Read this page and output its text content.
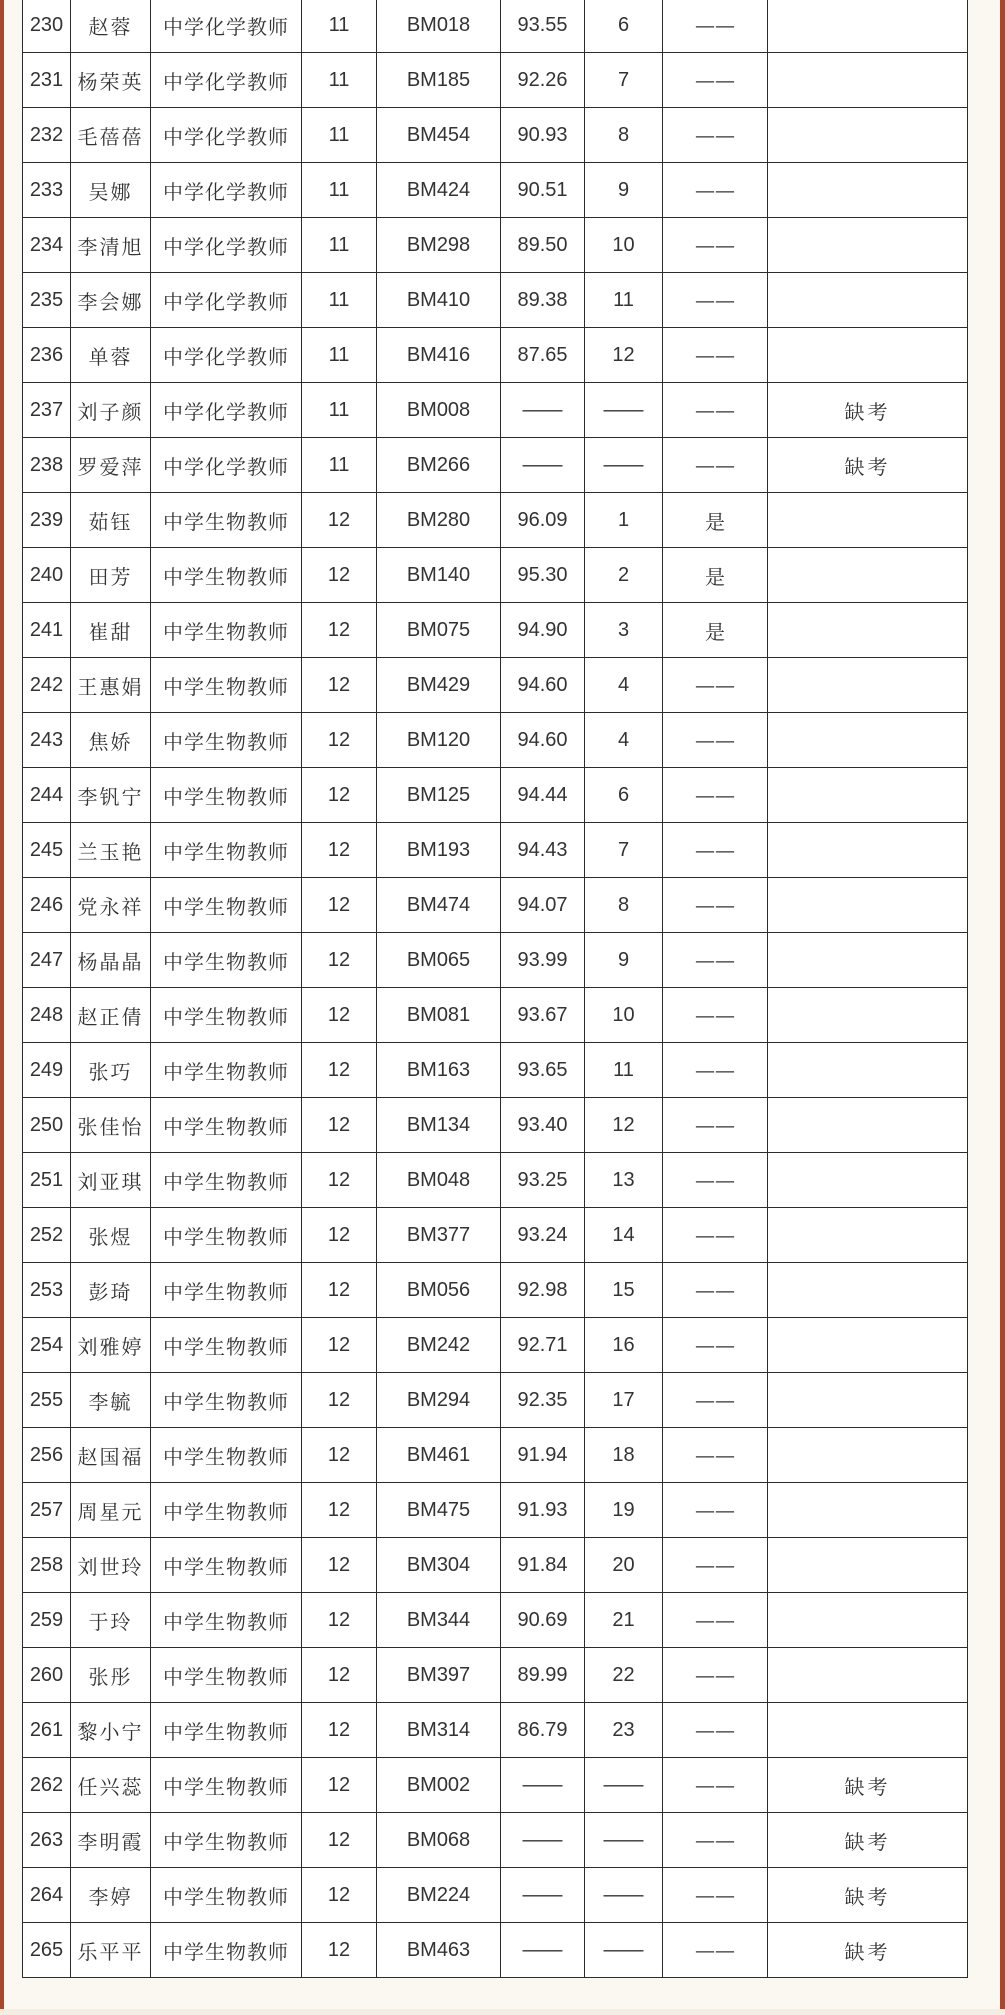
230	赵蓉	中学化学教师	11	BM018	93.55	6	——	
231	杨荣英	中学化学教师	11	BM185	92.26	7	——	
232	毛蓓蓓	中学化学教师	11	BM454	90.93	8	——	
233	吴娜	中学化学教师	11	BM424	90.51	9	——	
234	李清旭	中学化学教师	11	BM298	89.50	10	——	
235	李会娜	中学化学教师	11	BM410	89.38	11	——	
236	单蓉	中学化学教师	11	BM416	87.65	12	——	
237	刘子颜	中学化学教师	11	BM008	——	——	——	缺考
238	罗爱萍	中学化学教师	11	BM266	——	——	——	缺考
239	茹钰	中学生物教师	12	BM280	96.09	1	是	
240	田芳	中学生物教师	12	BM140	95.30	2	是	
241	崔甜	中学生物教师	12	BM075	94.90	3	是	
242	王惠娟	中学生物教师	12	BM429	94.60	4	——	
243	焦娇	中学生物教师	12	BM120	94.60	4	——	
244	李钒宁	中学生物教师	12	BM125	94.44	6	——	
245	兰玉艳	中学生物教师	12	BM193	94.43	7	——	
246	党永祥	中学生物教师	12	BM474	94.07	8	——	
247	杨晶晶	中学生物教师	12	BM065	93.99	9	——	
248	赵正倩	中学生物教师	12	BM081	93.67	10	——	
249	张巧	中学生物教师	12	BM163	93.65	11	——	
250	张佳怡	中学生物教师	12	BM134	93.40	12	——	
251	刘亚琪	中学生物教师	12	BM048	93.25	13	——	
252	张煜	中学生物教师	12	BM377	93.24	14	——	
253	彭琦	中学生物教师	12	BM056	92.98	15	——	
254	刘雅婷	中学生物教师	12	BM242	92.71	16	——	
255	李毓	中学生物教师	12	BM294	92.35	17	——	
256	赵国福	中学生物教师	12	BM461	91.94	18	——	
257	周星元	中学生物教师	12	BM475	91.93	19	——	
258	刘世玲	中学生物教师	12	BM304	91.84	20	——	
259	于玲	中学生物教师	12	BM344	90.69	21	——	
260	张彤	中学生物教师	12	BM397	89.99	22	——	
261	黎小宁	中学生物教师	12	BM314	86.79	23	——	
262	任兴蕊	中学生物教师	12	BM002	——	——	——	缺考
263	李明霞	中学生物教师	12	BM068	——	——	——	缺考
264	李婷	中学生物教师	12	BM224	——	——	——	缺考
265	乐平平	中学生物教师	12	BM463	——	——	——	缺考
